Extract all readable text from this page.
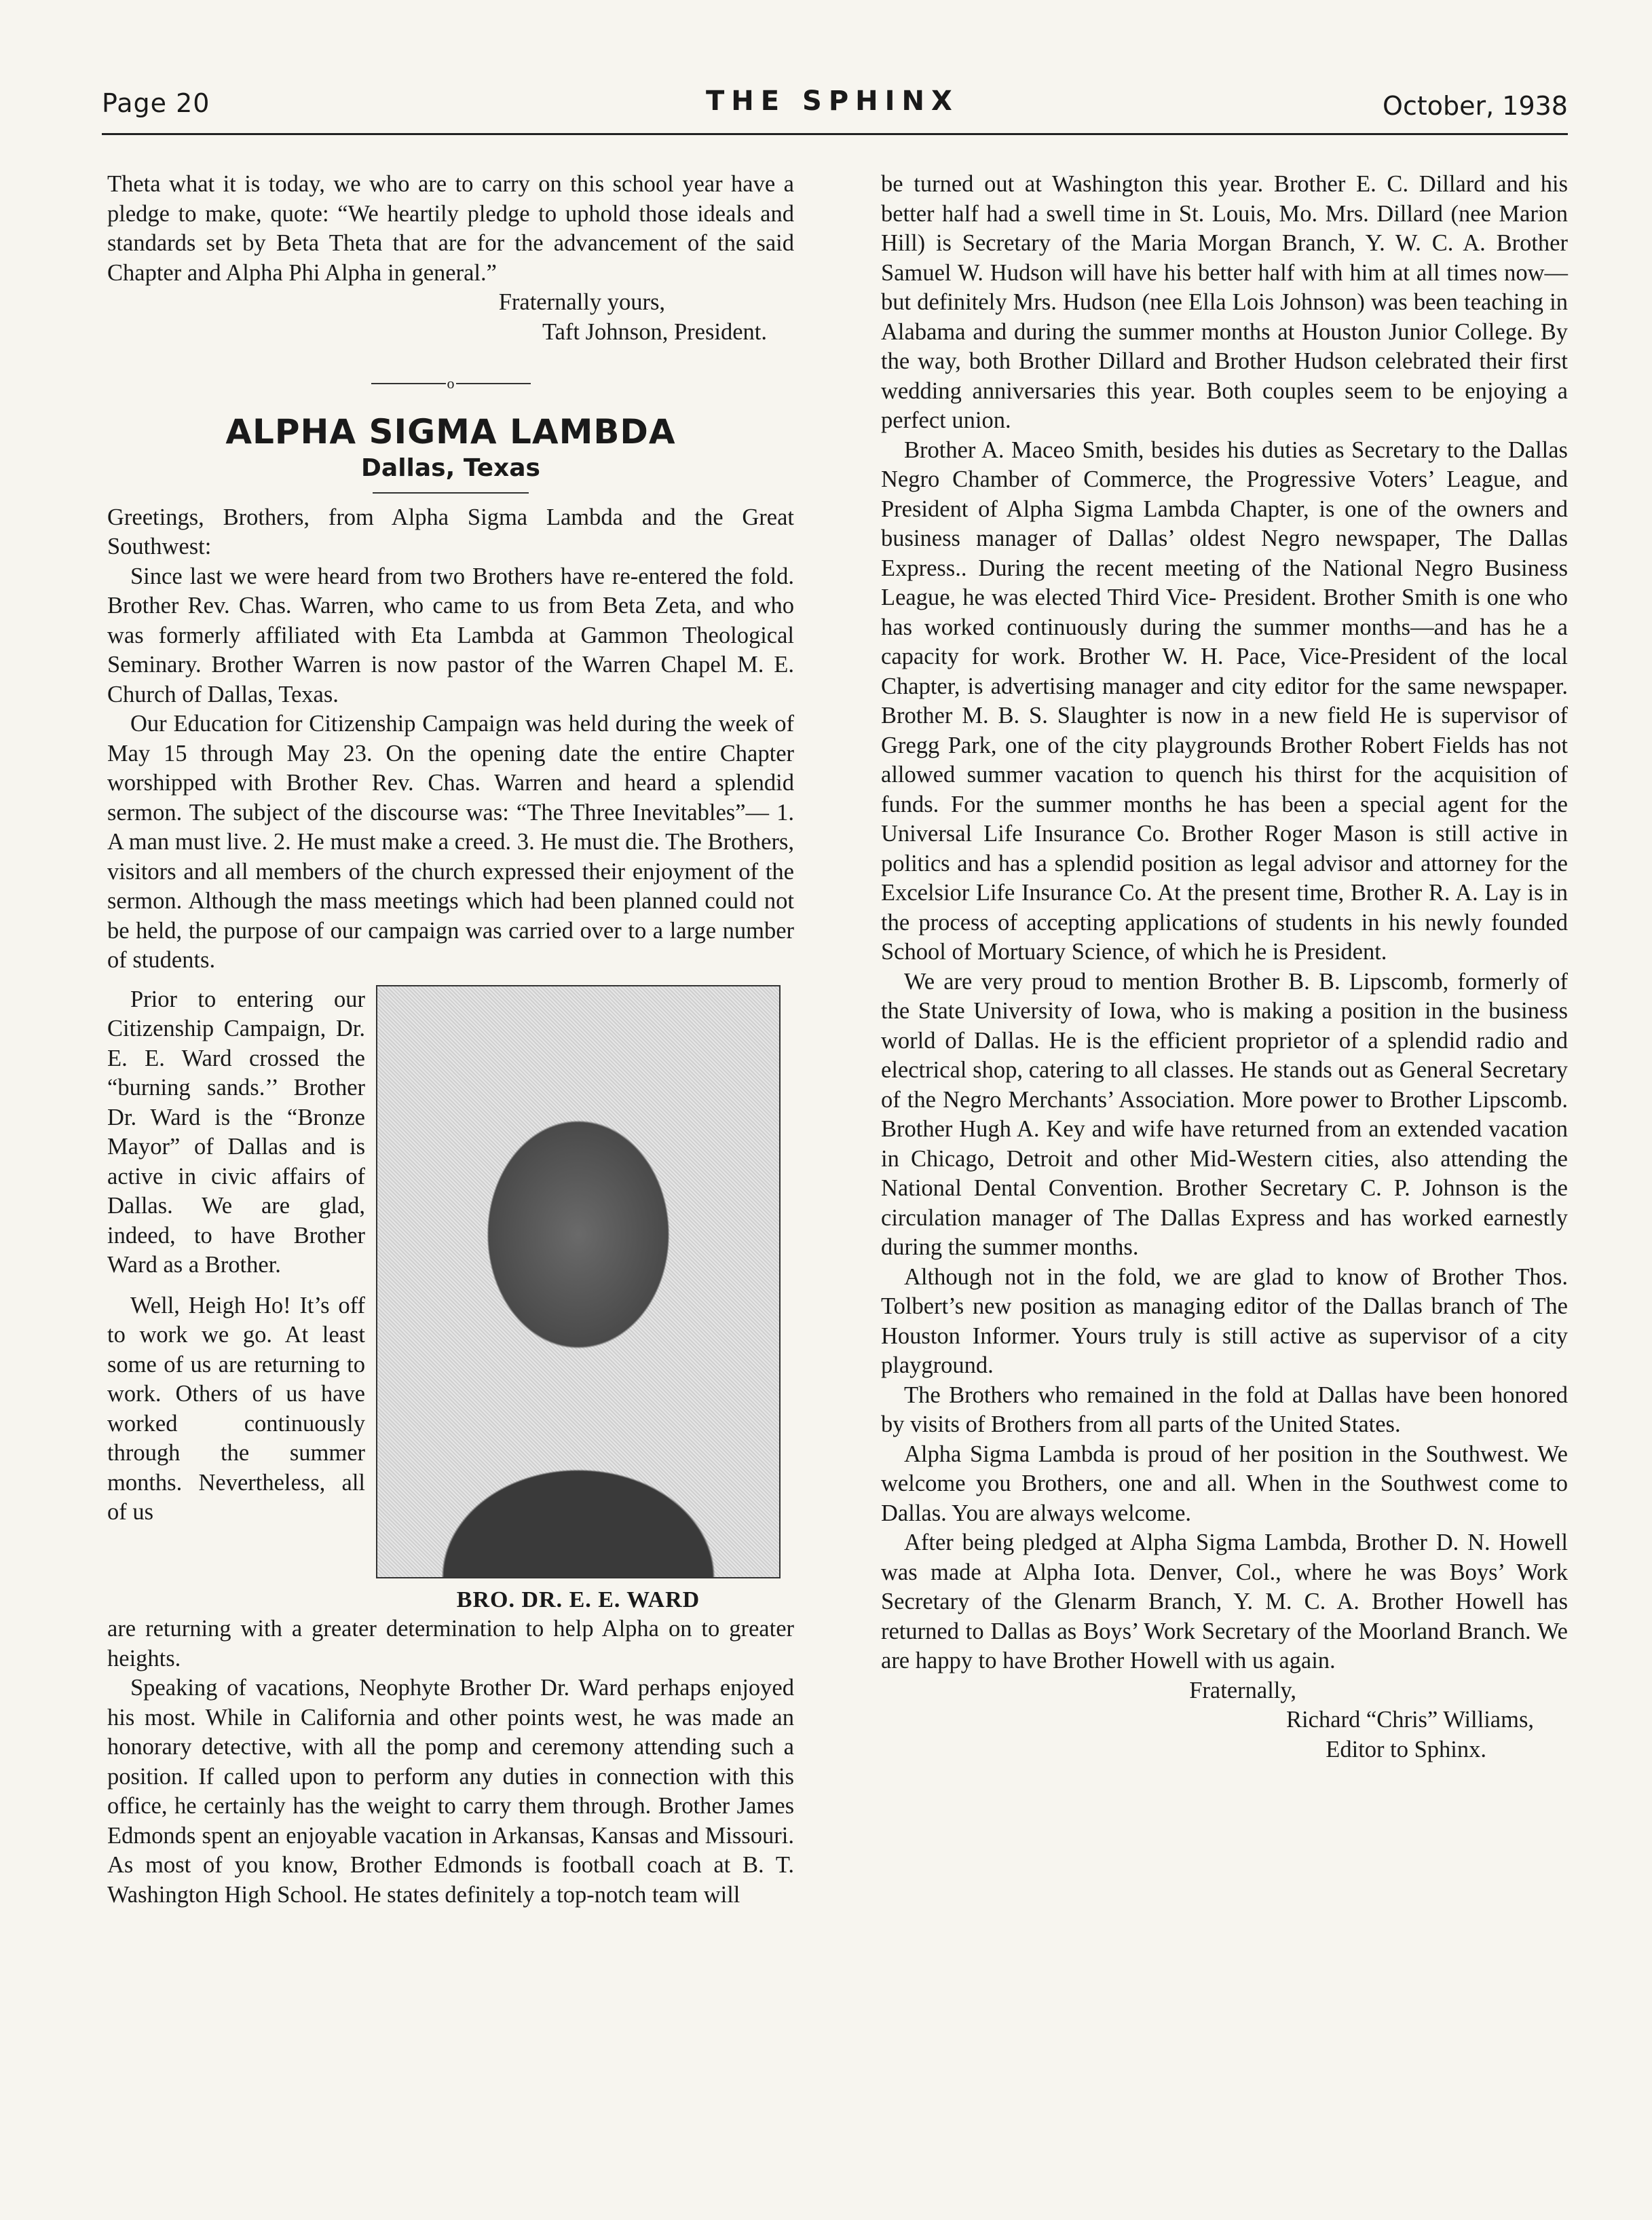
Page 20	THE SPHINX	October, 1938

Theta what it is today, we who are to carry on this school year have a pledge to make, quote: “We heartily pledge to uphold those ideals and standards set by Beta Theta that are for the advancement of the said Chapter and Alpha Phi Alpha in general.”

Fraternally yours,

Taft Johnson, President.

o
ALPHA SIGMA LAMBDA
Dallas, Texas

Greetings, Brothers, from Alpha Sigma Lambda and the Great Southwest:

Since last we were heard from two Brothers have re-entered the fold. Brother Rev. Chas. Warren, who came to us from Beta Zeta, and who was formerly affiliated with Eta Lambda at Gammon Theological Seminary. Brother Warren is now pastor of the Warren Chapel M. E. Church of Dallas, Texas.

Our Education for Citizenship Campaign was held during the week of May 15 through May 23. On the opening date the entire Chapter worshipped with Brother Rev. Chas. Warren and heard a splendid sermon. The subject of the discourse was: “The Three Inevitables”— 1. A man must live. 2. He must make a creed. 3. He must die. The Brothers, visitors and all members of the church expressed their enjoyment of the sermon. Although the mass meetings which had been planned could not be held, the purpose of our campaign was carried over to a large number of students.

Prior to entering our Citizenship Campaign, Dr. E. E. Ward crossed the “burning sands.’’ Brother Dr. Ward is the “Bronze Mayor” of Dallas and is active in civic affairs of Dallas. We are glad, indeed, to have Brother Ward as a Brother.

Well, Heigh Ho! It’s off to work we go. At least some of us are returning to work. Others of us have worked continuously through the summer months. Nevertheless, all of us

BRO. DR. E. E. WARD

are returning with a greater determination to help Alpha on to greater heights.

Speaking of vacations, Neophyte Brother Dr. Ward perhaps enjoyed his most. While in California and other points west, he was made an honorary detective, with all the pomp and ceremony attending such a position. If called upon to perform any duties in connection with this office, he certainly has the weight to carry them through. Brother James Edmonds spent an enjoyable vacation in Arkansas, Kansas and Missouri. As most of you know, Brother Edmonds is football coach at B. T. Washington High School. He states definitely a top-notch team will

be turned out at Washington this year. Brother E. C. Dillard and his better half had a swell time in St. Louis, Mo. Mrs. Dillard (nee Marion Hill) is Secretary of the Maria Morgan Branch, Y. W. C. A. Brother Samuel W. Hudson will have his better half with him at all times now—but definitely Mrs. Hudson (nee Ella Lois Johnson) was been teaching in Alabama and during the summer months at Houston Junior College. By the way, both Brother Dillard and Brother Hudson celebrated their first wedding anniversaries this year. Both couples seem to be enjoying a perfect union.

Brother A. Maceo Smith, besides his duties as Secretary to the Dallas Negro Chamber of Commerce, the Progressive Voters’ League, and President of Alpha Sigma Lambda Chapter, is one of the owners and business manager of Dallas’ oldest Negro newspaper, The Dallas Express.. During the recent meeting of the National Negro Business League, he was elected Third Vice- President. Brother Smith is one who has worked continuously during the summer months—and has he a capacity for work. Brother W. H. Pace, Vice-President of the local Chapter, is advertising manager and city editor for the same newspaper. Brother M. B. S. Slaughter is now in a new field He is supervisor of Gregg Park, one of the city playgrounds Brother Robert Fields has not allowed summer vacation to quench his thirst for the acquisition of funds. For the summer months he has been a special agent for the Universal Life Insurance Co. Brother Roger Mason is still active in politics and has a splendid position as legal advisor and attorney for the Excelsior Life Insurance Co. At the present time, Brother R. A. Lay is in the process of accepting applications of students in his newly founded School of Mortuary Science, of which he is President.

We are very proud to mention Brother B. B. Lipscomb, formerly of the State University of Iowa, who is making a position in the business world of Dallas. He is the efficient proprietor of a splendid radio and electrical shop, catering to all classes. He stands out as General Secretary of the Negro Merchants’ Association. More power to Brother Lipscomb. Brother Hugh A. Key and wife have returned from an extended vacation in Chicago, Detroit and other Mid-Western cities, also attending the National Dental Convention. Brother Secretary C. P. Johnson is the circulation manager of The Dallas Express and has worked earnestly during the summer months.

Although not in the fold, we are glad to know of Brother Thos. Tolbert’s new position as managing editor of the Dallas branch of The Houston Informer. Yours truly is still active as supervisor of a city playground.

The Brothers who remained in the fold at Dallas have been honored by visits of Brothers from all parts of the United States.

Alpha Sigma Lambda is proud of her position in the Southwest. We welcome you Brothers, one and all. When in the Southwest come to Dallas. You are always welcome.

After being pledged at Alpha Sigma Lambda, Brother D. N. Howell was made at Alpha Iota. Denver, Col., where he was Boys’ Work Secretary of the Glenarm Branch, Y. M. C. A. Brother Howell has returned to Dallas as Boys’ Work Secretary of the Moorland Branch. We are happy to have Brother Howell with us again.

Fraternally,

Richard “Chris” Williams,

Editor to Sphinx.
